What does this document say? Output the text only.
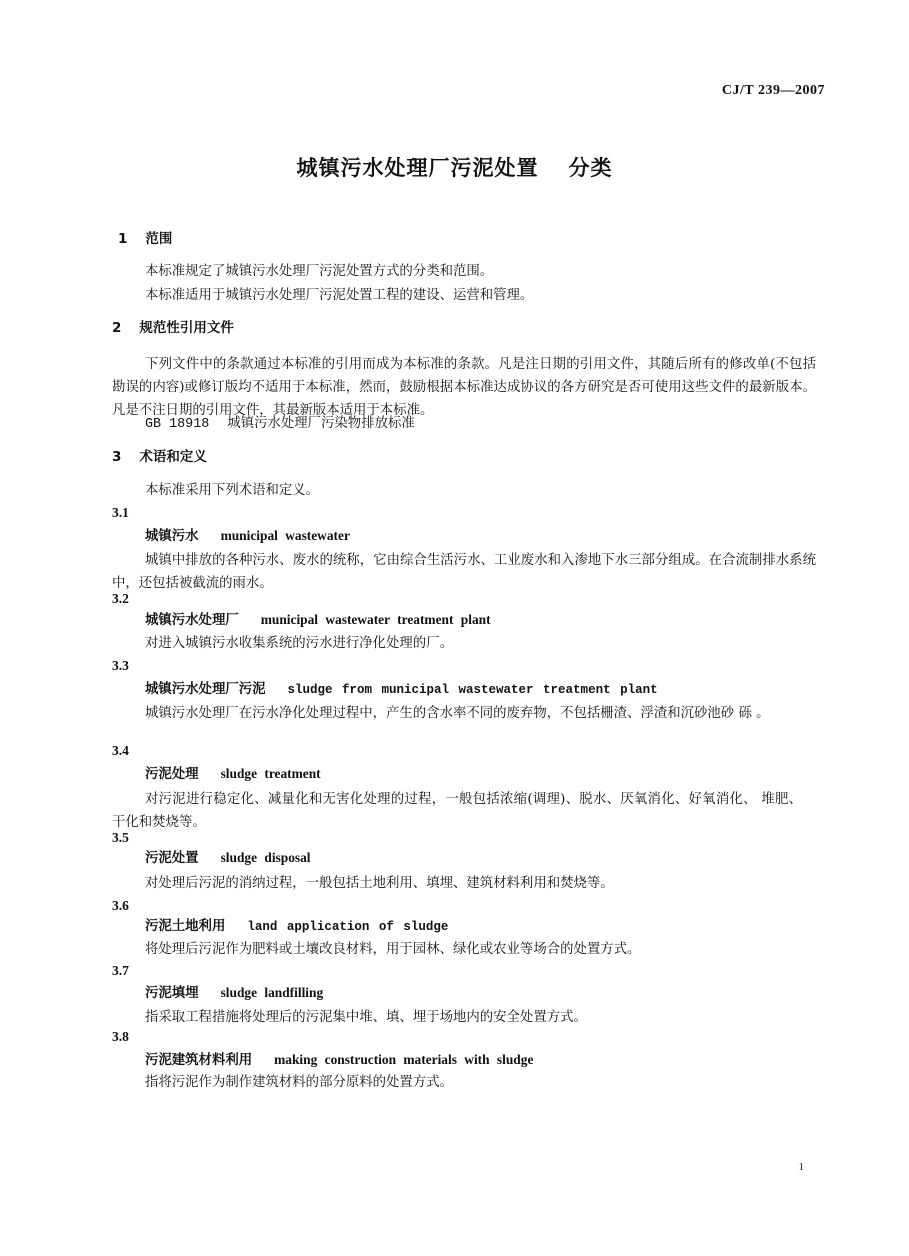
CJ/T 239—2007
城镇污水处理厂污泥处置 分类
1 范围
本标准规定了城镇污水处理厂污泥处置方式的分类和范围。
本标准适用于城镇污水处理厂污泥处置工程的建设、运营和管理。
2 规范性引用文件
下列文件中的条款通过本标准的引用而成为本标准的条款。凡是注日期的引用文件，其随后所有的修改单(不包括勘误的内容)或修订版均不适用于本标准，然而，鼓励根据本标准达成协议的各方研究是否可使用这些文件的最新版本。凡是不注日期的引用文件，其最新版本适用于本标准。
GB 18918 城镇污水处理厂污染物排放标准
3 术语和定义
本标准采用下列术语和定义。
3.1
城镇污水 municipal wastewater
城镇中排放的各种污水、废水的统称，它由综合生活污水、工业废水和入渗地下水三部分组成。在合流制排水系统中，还包括被截流的雨水。
3.2
城镇污水处理厂 municipal wastewater treatment plant
对进入城镇污水收集系统的污水进行净化处理的厂。
3.3
城镇污水处理厂污泥 sludge from municipal wastewater treatment plant
城镇污水处理厂在污水净化处理过程中，产生的含水率不同的废弃物，不包括栅渣、浮渣和沉砂池砂 砾 。
3.4
污泥处理 sludge treatment
对污泥进行稳定化、减量化和无害化处理的过程，一般包括浓缩(调理)、脱水、厌氧消化、好氧消化、 堆肥、干化和焚烧等。
3.5
污泥处置 sludge disposal
对处理后污泥的消纳过程，一般包括土地利用、填埋、建筑材料利用和焚烧等。
3.6
污泥土地利用 land application of sludge
将处理后污泥作为肥料或土壤改良材料，用于园林、绿化或农业等场合的处置方式。
3.7
污泥填埋 sludge landfilling
指采取工程措施将处理后的污泥集中堆、填、埋于场地内的安全处置方式。
3.8
污泥建筑材料利用 making construction materials with sludge
指将污泥作为制作建筑材料的部分原料的处置方式。
1
